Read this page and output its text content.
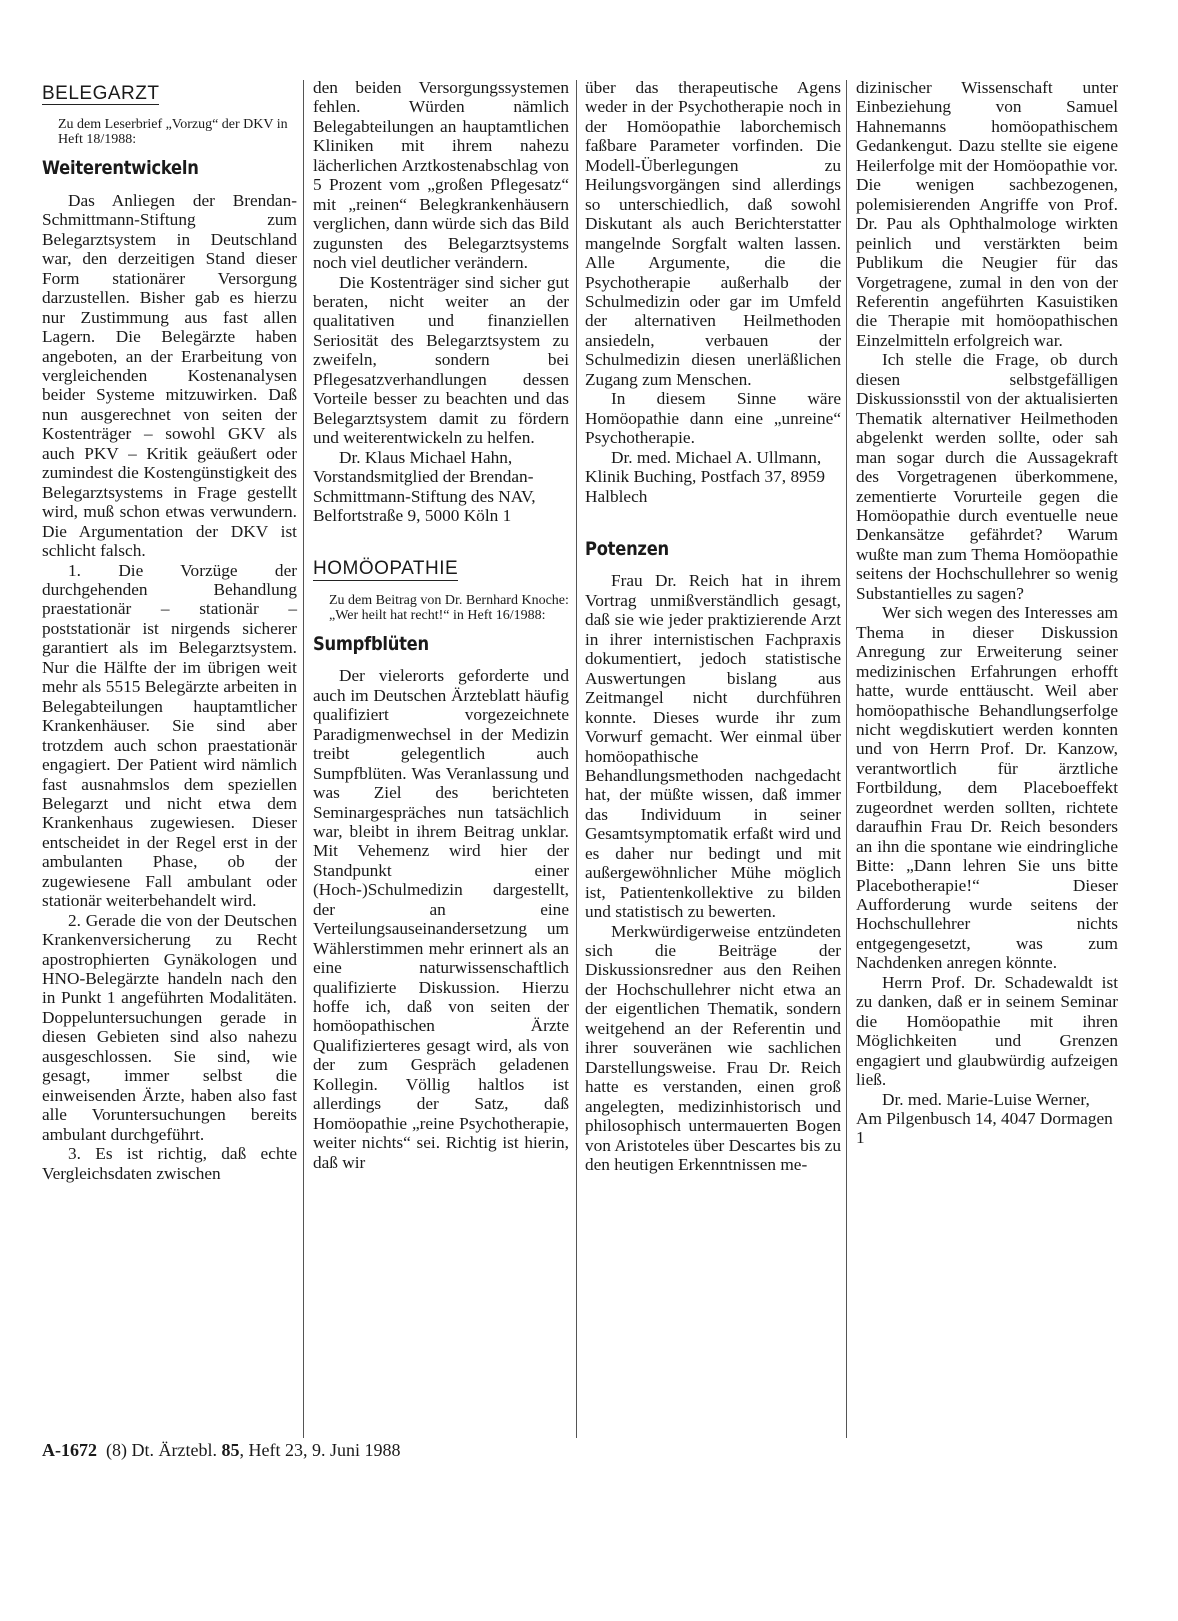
BELEGARZT
Zu dem Leserbrief „Vorzug“ der DKV in Heft 18/1988:
Weiterentwickeln

Das Anliegen der Brendan-Schmittmann-Stiftung zum Belegarztsystem in Deutschland war, den derzeitigen Stand dieser Form stationärer Versorgung darzustellen. Bisher gab es hierzu nur Zustimmung aus fast allen Lagern. Die Belegärzte haben angeboten, an der Erarbeitung von vergleichenden Kostenanalysen beider Systeme mitzuwirken. Daß nun ausgerechnet von seiten der Kostenträger – sowohl GKV als auch PKV – Kritik geäußert oder zumindest die Kostengünstigkeit des Belegarztsystems in Frage gestellt wird, muß schon etwas verwundern. Die Argumentation der DKV ist schlicht falsch.

1. Die Vorzüge der durchgehenden Behandlung praestationär – stationär – poststationär ist nirgends sicherer garantiert als im Belegarztsystem. Nur die Hälfte der im übrigen weit mehr als 5515 Belegärzte arbeiten in Belegabteilungen hauptamtlicher Krankenhäuser. Sie sind aber trotzdem auch schon praestationär engagiert. Der Patient wird nämlich fast ausnahmslos dem speziellen Belegarzt und nicht etwa dem Krankenhaus zugewiesen. Dieser entscheidet in der Regel erst in der ambulanten Phase, ob der zugewiesene Fall ambulant oder stationär weiterbehandelt wird.

2. Gerade die von der Deutschen Krankenversicherung zu Recht apostrophierten Gynäkologen und HNO-Belegärzte handeln nach den in Punkt 1 angeführten Modalitäten. Doppeluntersuchungen gerade in diesen Gebieten sind also nahezu ausgeschlossen. Sie sind, wie gesagt, immer selbst die einweisenden Ärzte, haben also fast alle Voruntersuchungen bereits ambulant durchgeführt.

3. Es ist richtig, daß echte Vergleichsdaten zwischen

den beiden Versorgungssystemen fehlen. Würden nämlich Belegabteilungen an hauptamtlichen Kliniken mit ihrem nahezu lächerlichen Arztkostenabschlag von 5 Prozent vom „großen Pflegesatz“ mit „reinen“ Belegkrankenhäusern verglichen, dann würde sich das Bild zugunsten des Belegarztsystems noch viel deutlicher verändern.

Die Kostenträger sind sicher gut beraten, nicht weiter an der qualitativen und finanziellen Seriosität des Belegarztsystem zu zweifeln, sondern bei Pflegesatzverhandlungen dessen Vorteile besser zu beachten und das Belegarztsystem damit zu fördern und weiterentwickeln zu helfen.

Dr. Klaus Michael Hahn, Vorstandsmitglied der Brendan-Schmittmann-Stiftung des NAV, Belfortstraße 9, 5000 Köln 1

HOMÖOPATHIE
Zu dem Beitrag von Dr. Bernhard Knoche: „Wer heilt hat recht!“ in Heft 16/1988:
Sumpfblüten

Der vielerorts geforderte und auch im Deutschen Ärzteblatt häufig qualifiziert vorgezeichnete Paradigmenwechsel in der Medizin treibt gelegentlich auch Sumpfblüten. Was Veranlassung und was Ziel des berichteten Seminargespräches nun tatsächlich war, bleibt in ihrem Beitrag unklar. Mit Vehemenz wird hier der Standpunkt einer (Hoch-)Schulmedizin dargestellt, der an eine Verteilungsauseinandersetzung um Wählerstimmen mehr erinnert als an eine naturwissenschaftlich qualifizierte Diskussion. Hierzu hoffe ich, daß von seiten der homöopathischen Ärzte Qualifizierteres gesagt wird, als von der zum Gespräch geladenen Kollegin. Völlig haltlos ist allerdings der Satz, daß Homöopathie „reine Psychotherapie, weiter nichts“ sei. Richtig ist hierin, daß wir

über das therapeutische Agens weder in der Psychotherapie noch in der Homöopathie laborchemisch faßbare Parameter vorfinden. Die Modell-Überlegungen zu Heilungsvorgängen sind allerdings so unterschiedlich, daß sowohl Diskutant als auch Berichterstatter mangelnde Sorgfalt walten lassen. Alle Argumente, die die Psychotherapie außerhalb der Schulmedizin oder gar im Umfeld der alternativen Heilmethoden ansiedeln, verbauen der Schulmedizin diesen unerläßlichen Zugang zum Menschen.

In diesem Sinne wäre Homöopathie dann eine „unreine“ Psychotherapie.

Dr. med. Michael A. Ullmann, Klinik Buching, Postfach 37, 8959 Halblech

Potenzen

Frau Dr. Reich hat in ihrem Vortrag unmißverständlich gesagt, daß sie wie jeder praktizierende Arzt in ihrer internistischen Fachpraxis dokumentiert, jedoch statistische Auswertungen bislang aus Zeitmangel nicht durchführen konnte. Dieses wurde ihr zum Vorwurf gemacht. Wer einmal über homöopathische Behandlungsmethoden nachgedacht hat, der müßte wissen, daß immer das Individuum in seiner Gesamtsymptomatik erfaßt wird und es daher nur bedingt und mit außergewöhnlicher Mühe möglich ist, Patientenkollektive zu bilden und statistisch zu bewerten.

Merkwürdigerweise entzündeten sich die Beiträge der Diskussionsredner aus den Reihen der Hochschullehrer nicht etwa an der eigentlichen Thematik, sondern weitgehend an der Referentin und ihrer souveränen wie sachlichen Darstellungsweise. Frau Dr. Reich hatte es verstanden, einen groß angelegten, medizinhistorisch und philosophisch untermauerten Bogen von Aristoteles über Descartes bis zu den heutigen Erkenntnissen me-

dizinischer Wissenschaft unter Einbeziehung von Samuel Hahnemanns homöopathischem Gedankengut. Dazu stellte sie eigene Heilerfolge mit der Homöopathie vor. Die wenigen sachbezogenen, polemisierenden Angriffe von Prof. Dr. Pau als Ophthalmologe wirkten peinlich und verstärkten beim Publikum die Neugier für das Vorgetragene, zumal in den von der Referentin angeführten Kasuistiken die Therapie mit homöopathischen Einzelmitteln erfolgreich war.

Ich stelle die Frage, ob durch diesen selbstgefälligen Diskussionsstil von der aktualisierten Thematik alternativer Heilmethoden abgelenkt werden sollte, oder sah man sogar durch die Aussagekraft des Vorgetragenen überkommene, zementierte Vorurteile gegen die Homöopathie durch eventuelle neue Denkansätze gefährdet? Warum wußte man zum Thema Homöopathie seitens der Hochschullehrer so wenig Substantielles zu sagen?

Wer sich wegen des Interesses am Thema in dieser Diskussion Anregung zur Erweiterung seiner medizinischen Erfahrungen erhofft hatte, wurde enttäuscht. Weil aber homöopathische Behandlungserfolge nicht wegdiskutiert werden konnten und von Herrn Prof. Dr. Kanzow, verantwortlich für ärztliche Fortbildung, dem Placeboeffekt zugeordnet werden sollten, richtete daraufhin Frau Dr. Reich besonders an ihn die spontane wie eindringliche Bitte: „Dann lehren Sie uns bitte Placebotherapie!“ Dieser Aufforderung wurde seitens der Hochschullehrer nichts entgegengesetzt, was zum Nachdenken anregen könnte.

Herrn Prof. Dr. Schadewaldt ist zu danken, daß er in seinem Seminar die Homöopathie mit ihren Möglichkeiten und Grenzen engagiert und glaubwürdig aufzeigen ließ.

Dr. med. Marie-Luise Werner, Am Pilgenbusch 14, 4047 Dormagen 1

A-1672 (8) Dt. Ärztebl. 85, Heft 23, 9. Juni 1988
